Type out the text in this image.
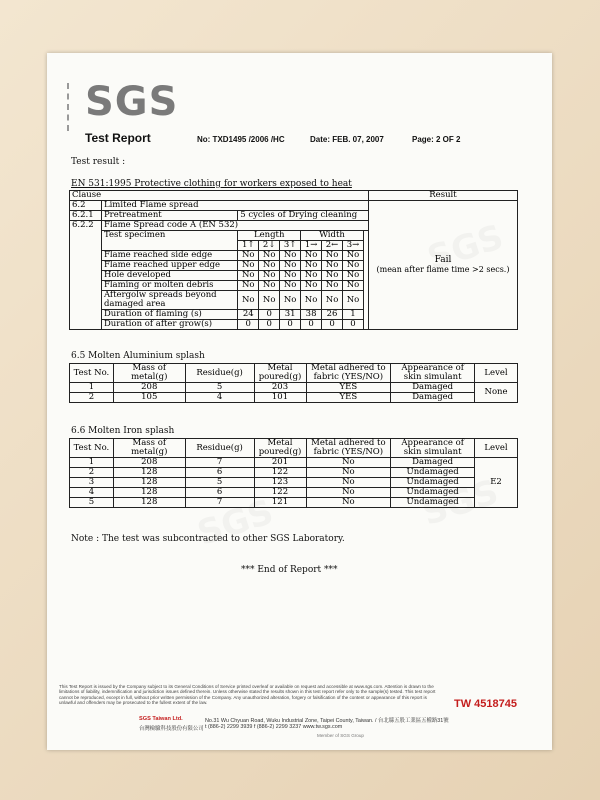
SGS
Test Report	No: TXD1495 /2006 /HC	Date: FEB. 07, 2007	Page: 2 OF 2
Test result :
EN 531:1995 Protective clothing for workers exposed to heat
Clause									Result
6.2	Limited Flame spread								Fail
(mean after flame time >2 secs.)

6.2.1	Pretreatment	5 cycles of Drying cleaning							
6.2.2	Flame Spread code A (EN 532)								
	Test specimen	Length			Width				
		1↑	2↓	3↑	1→	2←	3→		
	Flame reached side edge	No	No	No	No	No	No		
	Flame reached upper edge	No	No	No	No	No	No		
	Hole developed	No	No	No	No	No	No		
	Flaming or molten debris	No	No	No	No	No	No		
	Aftergolw spreads beyond damaged area	No	No	No	No	No	No		
	Duration of flaming (s)	24	0	31	38	26	1		
	Duration of after grow(s)	0	0	0	0	0	0		
6.5 Molten Aluminium splash
Test No.	Mass of metal(g)	Residue(g)	Metal poured(g)	Metal adhered to fabric (YES/NO)	Appearance of skin simulant	Level
1	208	5	203	YES	Damaged	None
2	105	4	101	YES	Damaged	
6.6 Molten Iron splash
Test No.	Mass of metal(g)	Residue(g)	Metal poured(g)	Metal adhered to fabric (YES/NO)	Appearance of skin simulant	Level
1	208	7	201	No	Damaged	E2
2	128	6	122	No	Undamaged	
3	128	5	123	No	Undamaged	
4	128	6	122	No	Undamaged	
5	128	7	121	No	Undamaged	
Note : The test was subcontracted to other SGS Laboratory.
*** End of Report ***
This Test Report is issued by the Company subject to its General Conditions of Service printed overleaf or available on request and accessible at www.sgs.com. Attention is drawn to the limitations of liability, indemnification and jurisdiction issues defined therein. Unless otherwise stated the results shown in this test report refer only to the sample(s) tested. This test report cannot be reproduced, except in full, without prior written permission of the Company. Any unauthorized alteration, forgery or falsification of the content or appearance of this report is unlawful and offenders may be prosecuted to the fullest extent of the law.	TW 4518745
SGS Taiwan Ltd.
台灣檢驗科技股份有限公司
No.31 Wu Chyuan Road, Wuku Industrial Zone, Taipei County, Taiwan. / 台北縣五股工業區五權路31號
t (886-2) 2299 3939 f (886-2) 2299 3237 www.tw.sgs.com
Member of SGS Group
